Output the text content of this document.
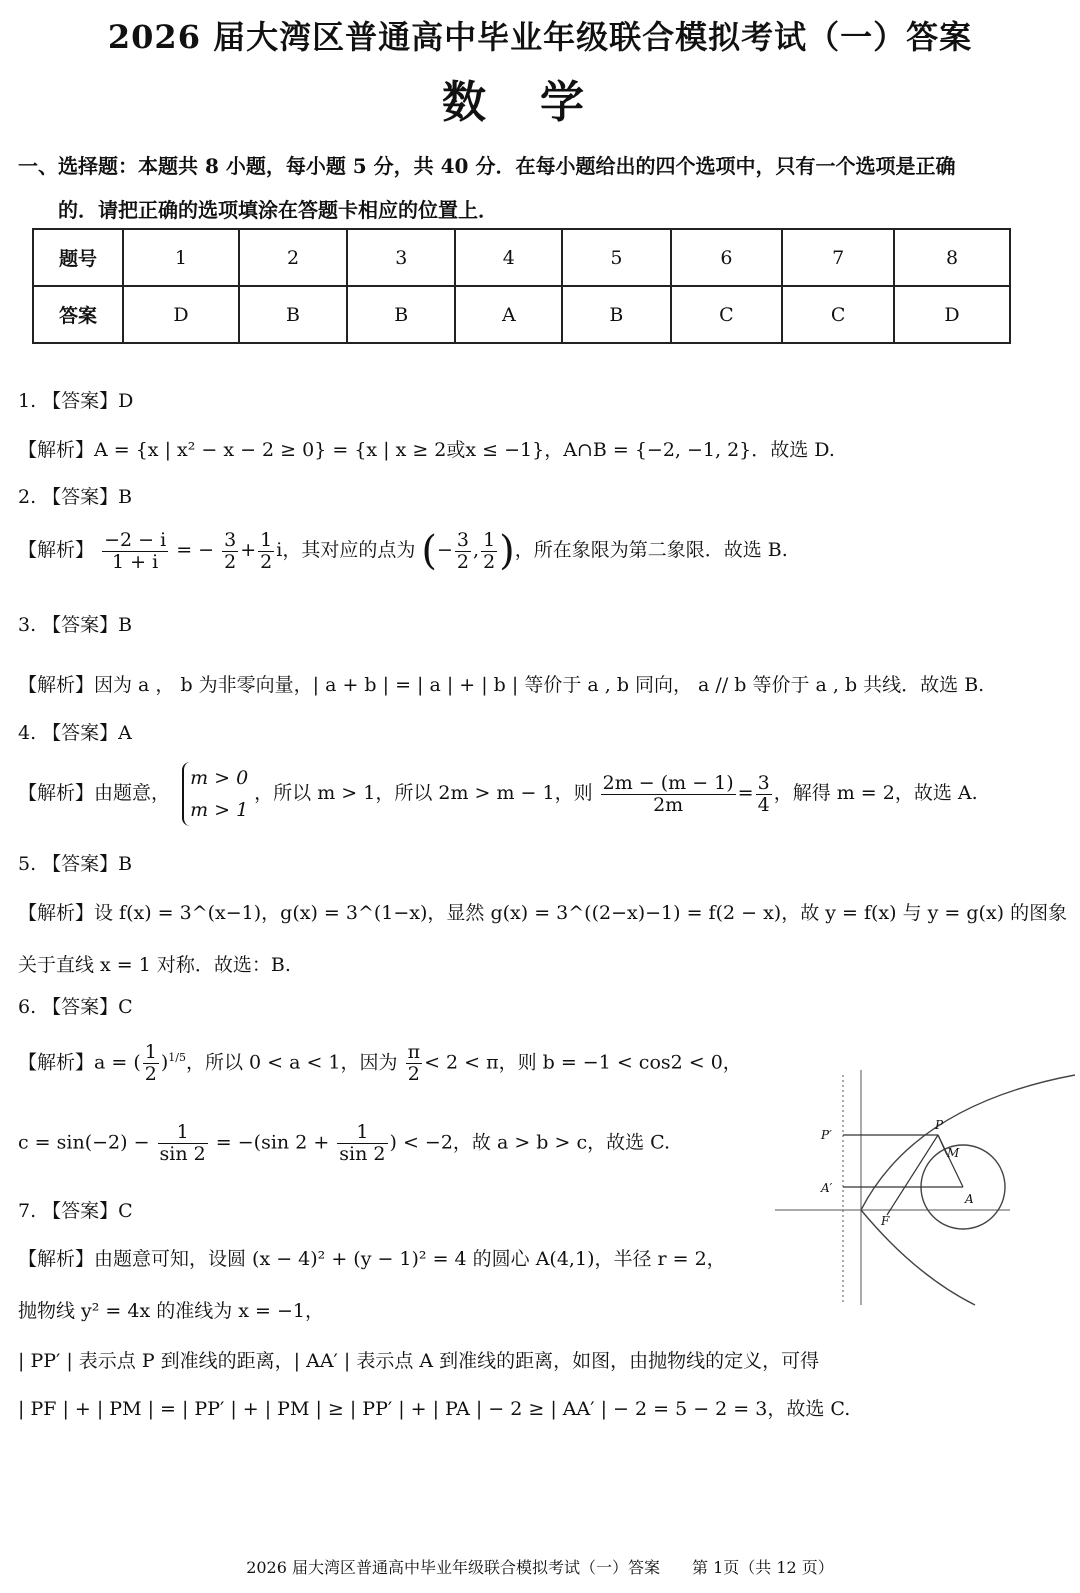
2026 届大湾区普通高中毕业年级联合模拟考试（一）答案
数学
一、选择题：本题共 8 小题，每小题 5 分，共 40 分．在每小题给出的四个选项中，只有一个选项是正确
的．请把正确的选项填涂在答题卡相应的位置上．
题号	1	2	3	4	5	6	7	8
答案	D	B	B	A	B	C	C	D
1. 【答案】D
【解析】A = {x | x² − x − 2 ≥ 0} = {x | x ≥ 2或x ≤ −1}，A∩B = {−2, −1, 2}．故选 D.
2. 【答案】B
【解析】 $\frac{-2 - i}{1 + i}$ = − $\frac{3}{2} + \frac{1}{2}$ i，其对应的点为 (− $\frac{3}{2}$ , $\frac{1}{2}$ )，所在象限为第二象限．故选 B.
3. 【答案】B
【解析】因为 a ， b 为非零向量，| a + b | = | a | + | b | 等价于 a , b 同向， a // b 等价于 a , b 共线．故选 B.
4. 【答案】A
【解析】由题意，
m > 0
m > 1
，所以 m > 1，所以 2m > m − 1，则 $\frac{2m - (m - 1)}{2m} = \frac{3}{4}$ ，解得 m = 2，故选 A.
5. 【答案】B
【解析】设 f(x) = 3^(x−1)，g(x) = 3^(1−x)，显然 g(x) = 3^((2−x)−1) = f(2 − x)，故 y = f(x) 与 y = g(x) 的图象
关于直线 x = 1 对称．故选：B.
6. 【答案】C
【解析】a = ( $\frac{1}{2} )^{1/5}$，所以 0 < a < 1，因为 $\frac{\pi}{2} < 2 < \pi$，则 b = −1 < cos2 < 0，
$c = \sin(-2) - \frac{1}{\sin 2} = -(\sin$ $2 + \frac{1}{\sin 2}$ ) < −2，故 a > b > c，故选 C.
7. 【答案】C
【解析】由题意可知，设圆 (x − 4)² + (y − 1)² = 4 的圆心 A(4,1)，半径 r = 2，
抛物线 y² = 4x 的准线为 x = −1，
| PP′ | 表示点 P 到准线的距离，| AA′ | 表示点 A 到准线的距离，如图，由抛物线的定义，可得
| PF | + | PM | = | PP′ | + | PM | ≥ | PP′ | + | PA | − 2 ≥ | AA′ | − 2 = 5 − 2 = 3，故选 C.
P
P′
M
A′
A
F
2026 届大湾区普通高中毕业年级联合模拟考试（一）答案　　第 1页（共 12 页）
